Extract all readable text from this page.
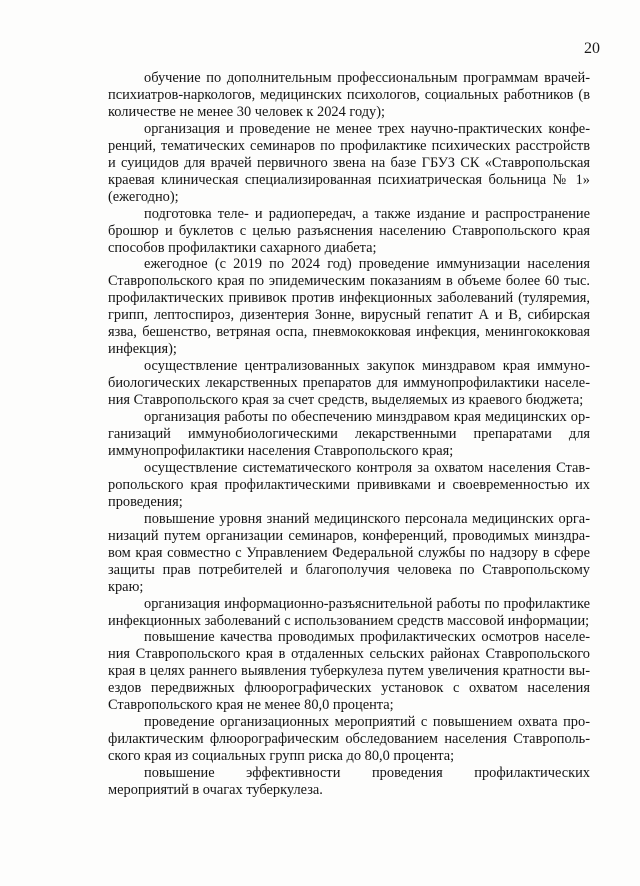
20

обучение по дополнительным профессиональным программам врачей-психиатров-наркологов, медицинских психологов, социальных работников (в количестве не менее 30 человек к 2024 году);

организация и проведение не менее трех научно-практических конференций, тематических семинаров по профилактике психических расстройств и суицидов для врачей первичного звена на базе ГБУЗ СК «Ставропольская краевая клиническая специализированная психиатрическая больница № 1» (ежегодно);

подготовка теле- и радиопередач, а также издание и распространение брошюр и буклетов с целью разъяснения населению Ставропольского края способов профилактики сахарного диабета;

ежегодное (с 2019 по 2024 год) проведение иммунизации населения Ставропольского края по эпидемическим показаниям в объеме более 60 тыс. профилактических прививок против инфекционных заболеваний (туляремия, грипп, лептоспироз, дизентерия Зонне, вирусный гепатит А и В, сибирская язва, бешенство, ветряная оспа, пневмококковая инфекция, менингококковая инфекция);

осуществление централизованных закупок минздравом края иммунобиологических лекарственных препаратов для иммунопрофилактики населения Ставропольского края за счет средств, выделяемых из краевого бюджета;

организация работы по обеспечению минздравом края медицинских организаций иммунобиологическими лекарственными препаратами для иммунопрофилактики населения Ставропольского края;

осуществление систематического контроля за охватом населения Ставропольского края профилактическими прививками и своевременностью их проведения;

повышение уровня знаний медицинского персонала медицинских организаций путем организации семинаров, конференций, проводимых минздравом края совместно с Управлением Федеральной службы по надзору в сфере защиты прав потребителей и благополучия человека по Ставропольскому краю;

организация информационно-разъяснительной работы по профилактике инфекционных заболеваний с использованием средств массовой информации;

повышение качества проводимых профилактических осмотров населения Ставропольского края в отдаленных сельских районах Ставропольского края в целях раннего выявления туберкулеза путем увеличения кратности выездов передвижных флюорографических установок с охватом населения Ставропольского края не менее 80,0 процента;

проведение организационных мероприятий с повышением охвата профилактическим флюорографическим обследованием населения Ставропольского края из социальных групп риска до 80,0 процента;

повышение эффективности проведения профилактических мероприятий в очагах туберкулеза.
